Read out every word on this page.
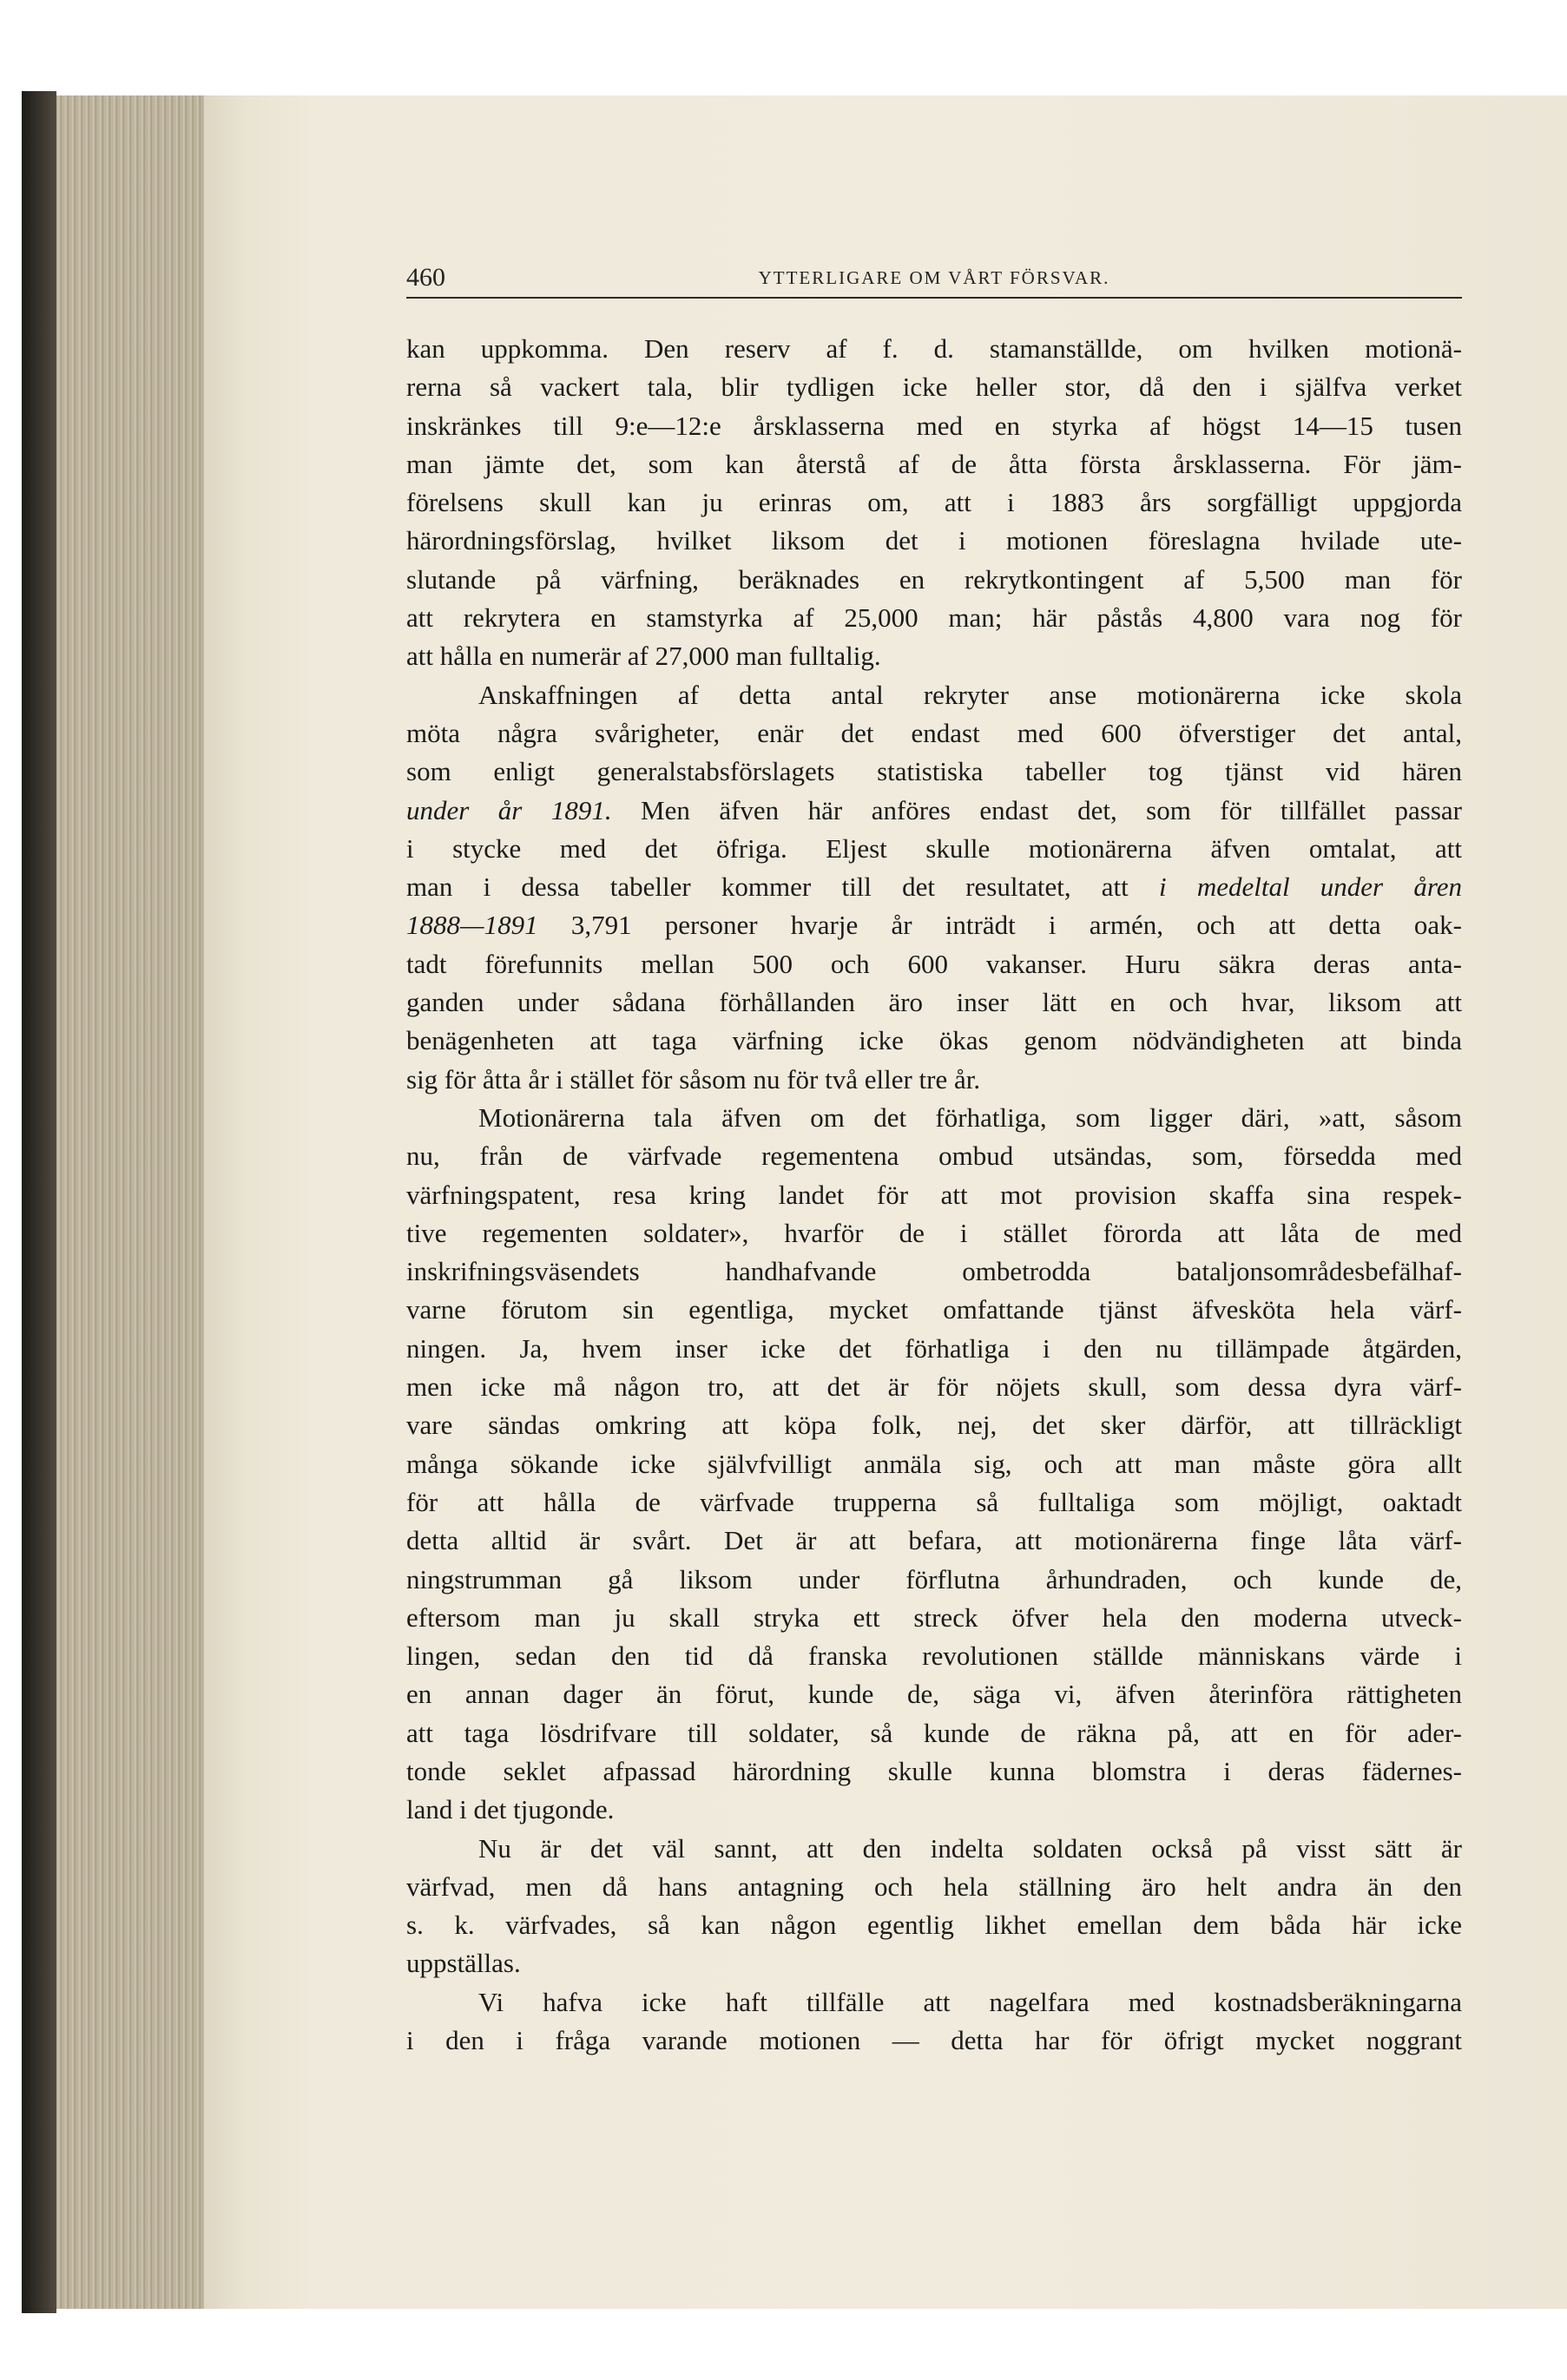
460	YTTERLIGARE OM VÅRT FÖRSVAR.
kan uppkomma. Den reserv af f. d. stamanställde, om hvilken motionä-
rerna så vackert tala, blir tydligen icke heller stor, då den i själfva verket
inskränkes till 9:e—12:e årsklasserna med en styrka af högst 14—15 tusen
man jämte det, som kan återstå af de åtta första årsklasserna. För jäm-
förelsens skull kan ju erinras om, att i 1883 års sorgfälligt uppgjorda
härordningsförslag, hvilket liksom det i motionen föreslagna hvilade ute-
slutande på värfning, beräknades en rekrytkontingent af 5,500 man för
att rekrytera en stamstyrka af 25,000 man; här påstås 4,800 vara nog för
att hålla en numerär af 27,000 man fulltalig.
Anskaffningen af detta antal rekryter anse motionärerna icke skola
möta några svårigheter, enär det endast med 600 öfverstiger det antal,
som enligt generalstabsförslagets statistiska tabeller tog tjänst vid hären
under år 1891. Men äfven här anföres endast det, som för tillfället passar
i stycke med det öfriga. Eljest skulle motionärerna äfven omtalat, att
man i dessa tabeller kommer till det resultatet, att i medeltal under åren
1888—1891 3,791 personer hvarje år inträdt i armén, och att detta oak-
tadt förefunnits mellan 500 och 600 vakanser. Huru säkra deras anta-
ganden under sådana förhållanden äro inser lätt en och hvar, liksom att
benägenheten att taga värfning icke ökas genom nödvändigheten att binda
sig för åtta år i stället för såsom nu för två eller tre år.
Motionärerna tala äfven om det förhatliga, som ligger däri, »att, såsom
nu, från de värfvade regementena ombud utsändas, som, försedda med
värfningspatent, resa kring landet för att mot provision skaffa sina respek-
tive regementen soldater», hvarför de i stället förorda att låta de med
inskrifningsväsendets handhafvande ombetrodda bataljonsområdesbefälhaf-
varne förutom sin egentliga, mycket omfattande tjänst äfvesköta hela värf-
ningen. Ja, hvem inser icke det förhatliga i den nu tillämpade åtgärden,
men icke må någon tro, att det är för nöjets skull, som dessa dyra värf-
vare sändas omkring att köpa folk, nej, det sker därför, att tillräckligt
många sökande icke självfvilligt anmäla sig, och att man måste göra allt
för att hålla de värfvade trupperna så fulltaliga som möjligt, oaktadt
detta alltid är svårt. Det är att befara, att motionärerna finge låta värf-
ningstrumman gå liksom under förflutna århundraden, och kunde de,
eftersom man ju skall stryka ett streck öfver hela den moderna utveck-
lingen, sedan den tid då franska revolutionen ställde människans värde i
en annan dager än förut, kunde de, säga vi, äfven återinföra rättigheten
att taga lösdrifvare till soldater, så kunde de räkna på, att en för ader-
tonde seklet afpassad härordning skulle kunna blomstra i deras fädernes-
land i det tjugonde.
Nu är det väl sannt, att den indelta soldaten också på visst sätt är
värfvad, men då hans antagning och hela ställning äro helt andra än den
s. k. värfvades, så kan någon egentlig likhet emellan dem båda här icke
uppställas.
Vi hafva icke haft tillfälle att nagelfara med kostnadsberäkningarna
i den i fråga varande motionen — detta har för öfrigt mycket noggrant
